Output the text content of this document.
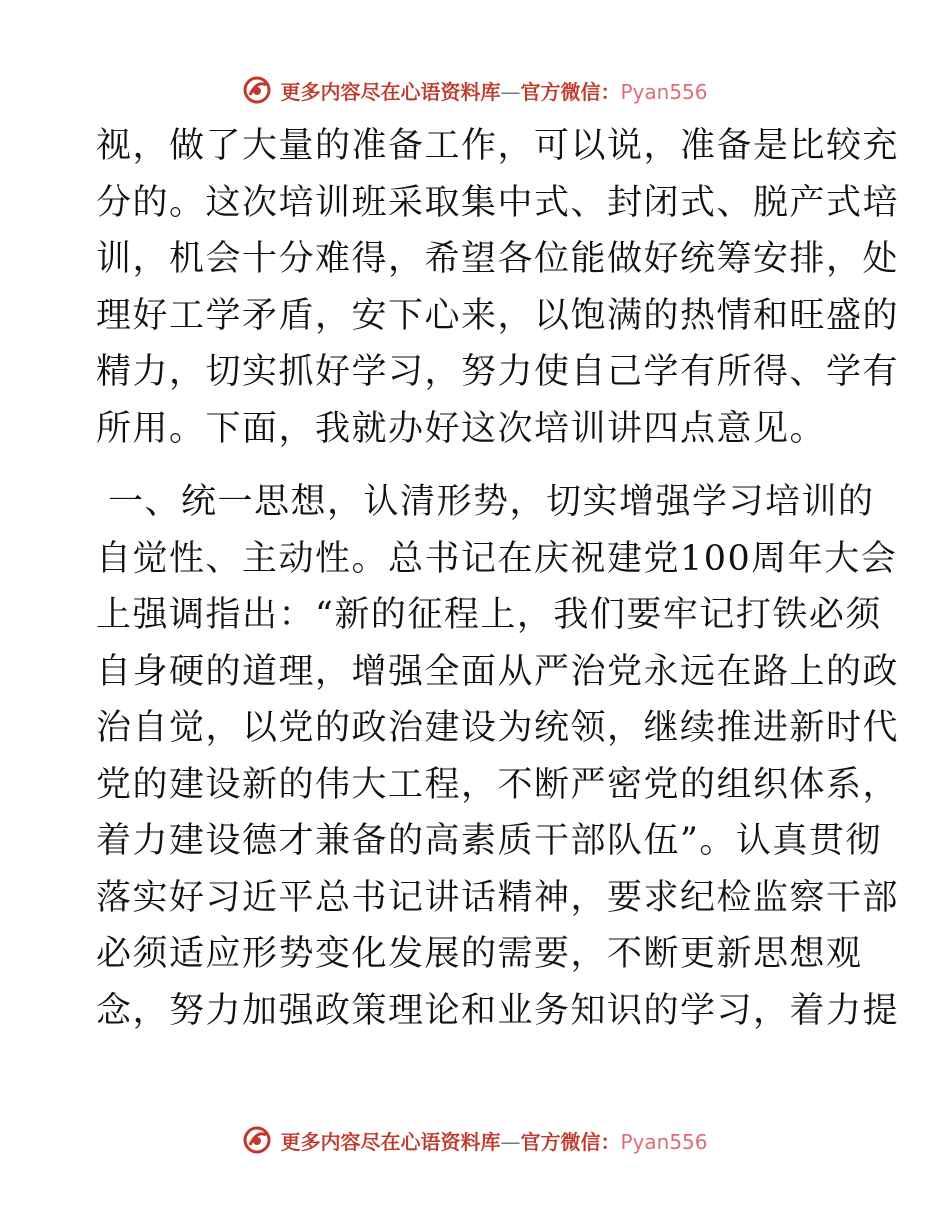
更多内容尽在心语资料库—官方微信：Pyan556
视，做了大量的准备工作，可以说，准备是比较充
分的。这次培训班采取集中式、封闭式、脱产式培
训，机会十分难得，希望各位能做好统筹安排，处
理好工学矛盾，安下心来，以饱满的热情和旺盛的
精力，切实抓好学习，努力使自己学有所得、学有
所用。下面，我就办好这次培训讲四点意见。
一、统一思想，认清形势，切实增强学习培训的
自觉性、主动性。总书记在庆祝建党100周年大会
上强调指出：“新的征程上，我们要牢记打铁必须
自身硬的道理，增强全面从严治党永远在路上的政
治自觉，以党的政治建设为统领，继续推进新时代
党的建设新的伟大工程，不断严密党的组织体系，
着力建设德才兼备的高素质干部队伍”。认真贯彻
落实好习近平总书记讲话精神，要求纪检监察干部
必须适应形势变化发展的需要，不断更新思想观
念，努力加强政策理论和业务知识的学习，着力提
更多内容尽在心语资料库—官方微信：Pyan556
